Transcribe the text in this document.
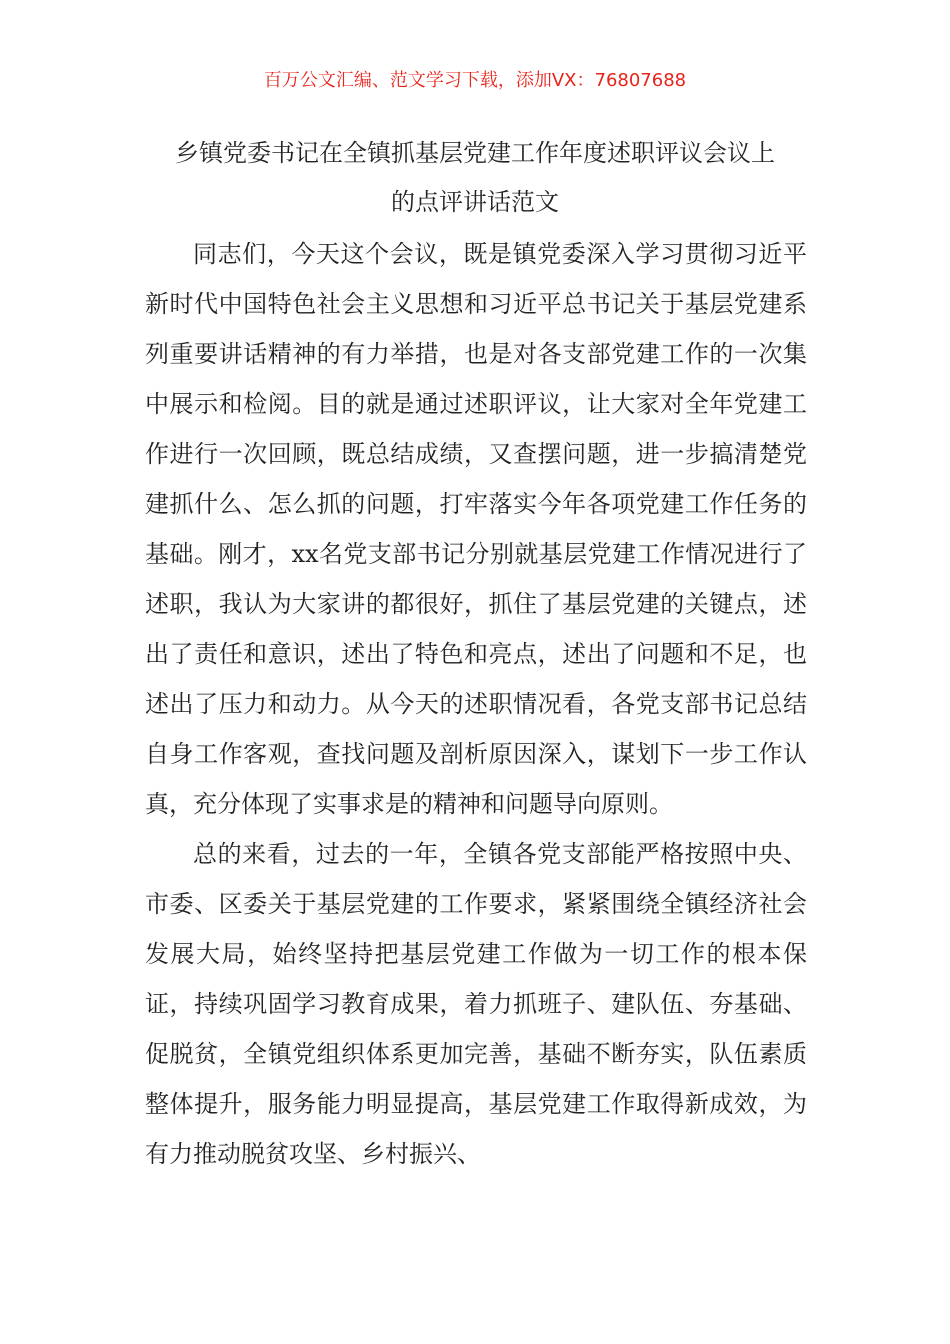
百万公文汇编、范文学习下载，添加VX：76807688
乡镇党委书记在全镇抓基层党建工作年度述职评议会议上
的点评讲话范文

同志们，今天这个会议，既是镇党委深入学习贯彻习近平新时代中国特色社会主义思想和习近平总书记关于基层党建系列重要讲话精神的有力举措，也是对各支部党建工作的一次集中展示和检阅。目的就是通过述职评议，让大家对全年党建工作进行一次回顾，既总结成绩，又查摆问题，进一步搞清楚党建抓什么、怎么抓的问题，打牢落实今年各项党建工作任务的基础。刚才，xx名党支部书记分别就基层党建工作情况进行了述职，我认为大家讲的都很好，抓住了基层党建的关键点，述出了责任和意识，述出了特色和亮点，述出了问题和不足，也述出了压力和动力。从今天的述职情况看，各党支部书记总结自身工作客观，查找问题及剖析原因深入，谋划下一步工作认真，充分体现了实事求是的精神和问题导向原则。

总的来看，过去的一年，全镇各党支部能严格按照中央、市委、区委关于基层党建的工作要求，紧紧围绕全镇经济社会发展大局，始终坚持把基层党建工作做为一切工作的根本保证，持续巩固学习教育成果，着力抓班子、建队伍、夯基础、促脱贫，全镇党组织体系更加完善，基础不断夯实，队伍素质整体提升，服务能力明显提高，基层党建工作取得新成效，为有力推动脱贫攻坚、乡村振兴、
